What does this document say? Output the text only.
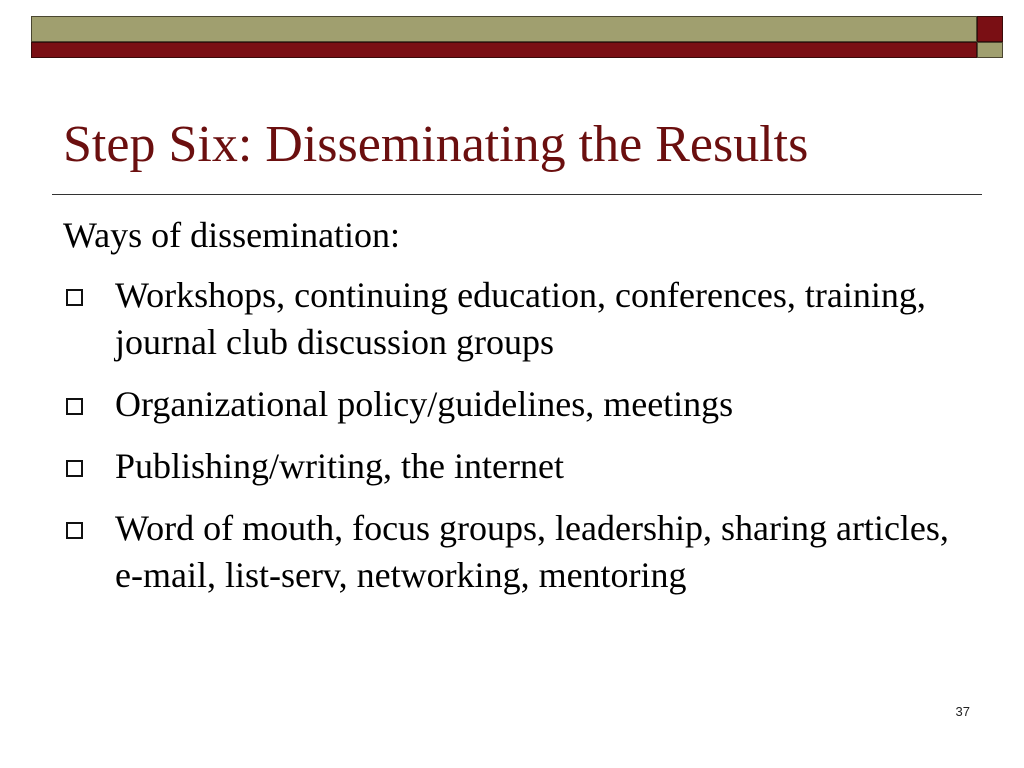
Step Six: Disseminating the Results

Ways of dissemination:

Workshops, continuing education, conferences, training, journal club discussion groups
Organizational policy/guidelines, meetings
Publishing/writing, the internet
Word of mouth, focus groups, leadership, sharing articles, e-mail, list-serv, networking, mentoring
37
